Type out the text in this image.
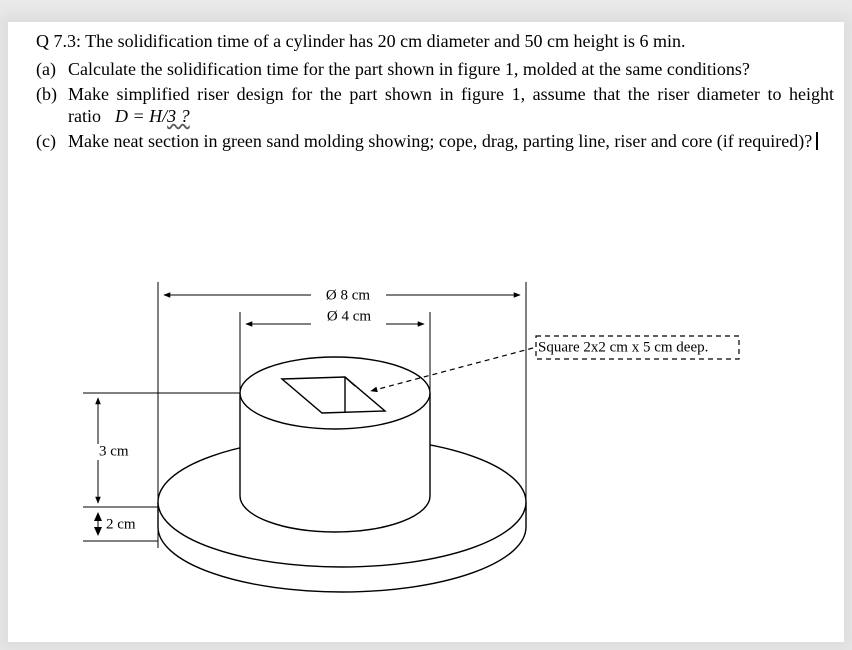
Q 7.3: The solidification time of a cylinder has 20 cm diameter and 50 cm height is 6 min.
(a) Calculate the solidification time for the part shown in figure 1, molded at the same conditions?
(b) Make simplified riser design for the part shown in figure 1, assume that the riser diameter to height ratio D = H/3 ?
(c) Make neat section in green sand molding showing; cope, drag, parting line, riser and core (if required)?
Ø 8 cm
Ø 4 cm
3 cm
2 cm
Square 2x2 cm x 5 cm deep.
